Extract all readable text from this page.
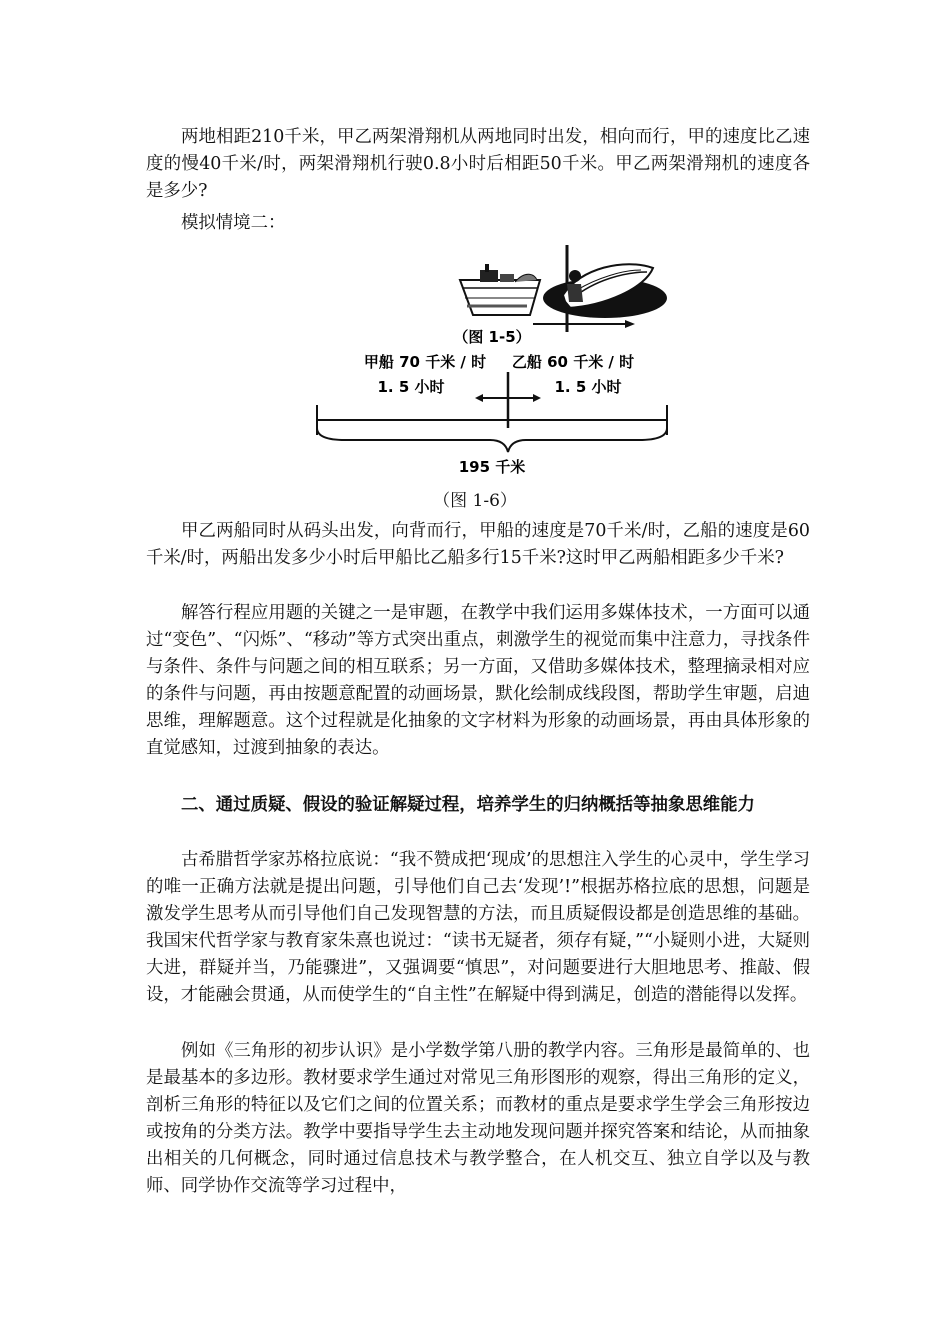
两地相距210千米，甲乙两架滑翔机从两地同时出发，相向而行，甲的速度比乙速度的慢40千米/时，两架滑翔机行驶0.8小时后相距50千米。甲乙两架滑翔机的速度各是多少?

模拟情境二：

（图 1-5）
甲船 70 千米 / 时 乙船 60 千米 / 时
1. 5 小时	1. 5 小时
195 千米
（图 1-6）

甲乙两船同时从码头出发，向背而行，甲船的速度是70千米/时，乙船的速度是60千米/时，两船出发多少小时后甲船比乙船多行15千米?这时甲乙两船相距多少千米?

解答行程应用题的关键之一是审题，在教学中我们运用多媒体技术，一方面可以通过“变色”、“闪烁”、“移动”等方式突出重点，刺激学生的视觉而集中注意力，寻找条件与条件、条件与问题之间的相互联系；另一方面，又借助多媒体技术，整理摘录相对应的条件与问题，再由按题意配置的动画场景，默化绘制成线段图，帮助学生审题，启迪思维，理解题意。这个过程就是化抽象的文字材料为形象的动画场景，再由具体形象的直觉感知，过渡到抽象的表达。

二、通过质疑、假设的验证解疑过程，培养学生的归纳概括等抽象思维能力

古希腊哲学家苏格拉底说：“我不赞成把‘现成’的思想注入学生的心灵中，学生学习的唯一正确方法就是提出问题，引导他们自己去‘发现’!”根据苏格拉底的思想，问题是激发学生思考从而引导他们自己发现智慧的方法，而且质疑假设都是创造思维的基础。我国宋代哲学家与教育家朱熹也说过：“读书无疑者，须存有疑，”“小疑则小进，大疑则大进，群疑并当，乃能骤进”，又强调要“慎思”，对问题要进行大胆地思考、推敲、假设，才能融会贯通，从而使学生的“自主性”在解疑中得到满足，创造的潜能得以发挥。

例如《三角形的初步认识》是小学数学第八册的教学内容。三角形是最简单的、也是最基本的多边形。教材要求学生通过对常见三角形图形的观察，得出三角形的定义，剖析三角形的特征以及它们之间的位置关系；而教材的重点是要求学生学会三角形按边或按角的分类方法。教学中要指导学生去主动地发现问题并探究答案和结论，从而抽象出相关的几何概念，同时通过信息技术与教学整合，在人机交互、独立自学以及与教师、同学协作交流等学习过程中，
